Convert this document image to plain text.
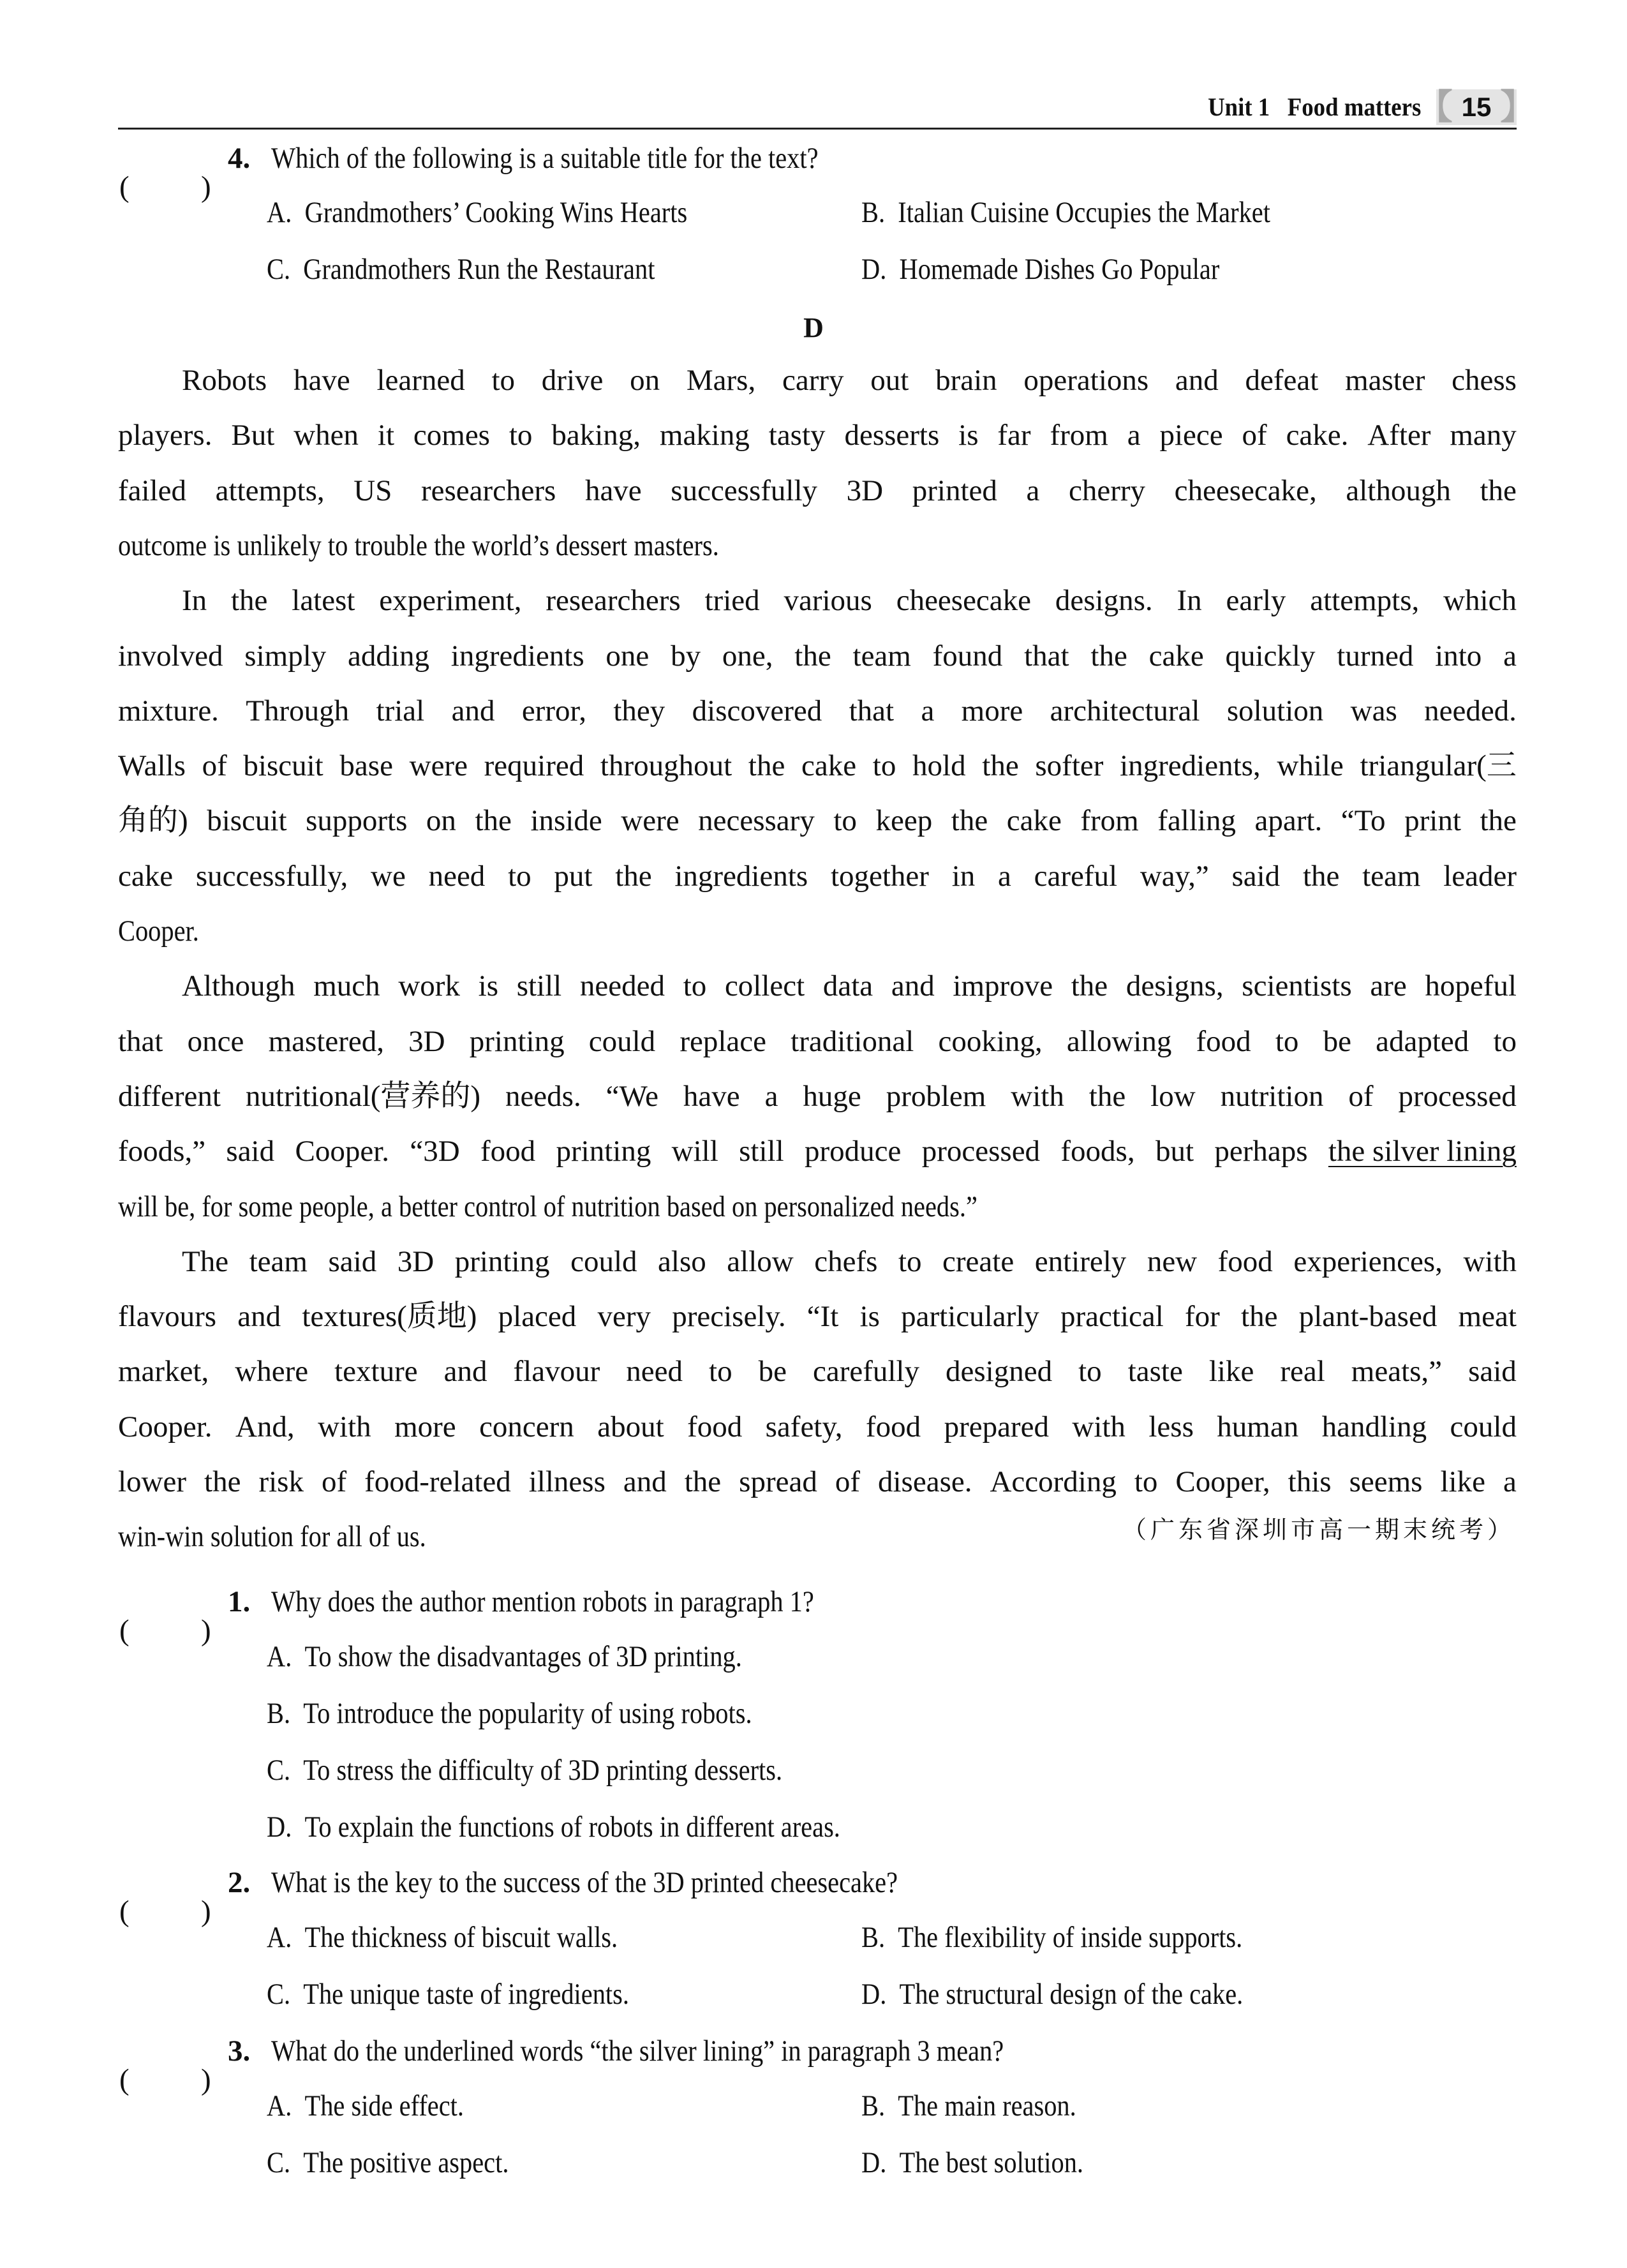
Unit 1   Food matters
【 15 】
( )
4. Which of the following is a suitable title for the text?
A. Grandmothers’ Cooking Wins Hearts	B. Italian Cuisine Occupies the Market
C. Grandmothers Run the Restaurant	D. Homemade Dishes Go Popular
D
Robots have learned to drive on Mars, carry out brain operations and defeat master chess
players. But when it comes to baking, making tasty desserts is far from a piece of cake. After many
failed attempts, US researchers have successfully 3D printed a cherry cheesecake, although the
outcome is unlikely to trouble the world’s dessert masters.
In the latest experiment, researchers tried various cheesecake designs. In early attempts, which
involved simply adding ingredients one by one, the team found that the cake quickly turned into a
mixture. Through trial and error, they discovered that a more architectural solution was needed.
Walls of biscuit base were required throughout the cake to hold the softer ingredients, while triangular(三
角的) biscuit supports on the inside were necessary to keep the cake from falling apart. “To print the
cake successfully, we need to put the ingredients together in a careful way,” said the team leader
Cooper.
Although much work is still needed to collect data and improve the designs, scientists are hopeful
that once mastered, 3D printing could replace traditional cooking, allowing food to be adapted to
different nutritional(营养的) needs. “We have a huge problem with the low nutrition of processed
foods,” said Cooper. “3D food printing will still produce processed foods, but perhaps the silver lining
will be, for some people, a better control of nutrition based on personalized needs.”
The team said 3D printing could also allow chefs to create entirely new food experiences, with
flavours and textures(质地) placed very precisely. “It is particularly practical for the plant-based meat
market, where texture and flavour need to be carefully designed to taste like real meats,” said
Cooper. And, with more concern about food safety, food prepared with less human handling could
lower the risk of food-related illness and the spread of disease. According to Cooper, this seems like a
win-win solution for all of us.	（广东省深圳市高一期末统考）
( )
1. Why does the author mention robots in paragraph 1?
A. To show the disadvantages of 3D printing.
B. To introduce the popularity of using robots.
C. To stress the difficulty of 3D printing desserts.
D. To explain the functions of robots in different areas.
( )
2. What is the key to the success of the 3D printed cheesecake?
A. The thickness of biscuit walls.	B. The flexibility of inside supports.
C. The unique taste of ingredients.	D. The structural design of the cake.
( )
3. What do the underlined words “the silver lining” in paragraph 3 mean?
A. The side effect.	B. The main reason.
C. The positive aspect.	D. The best solution.
